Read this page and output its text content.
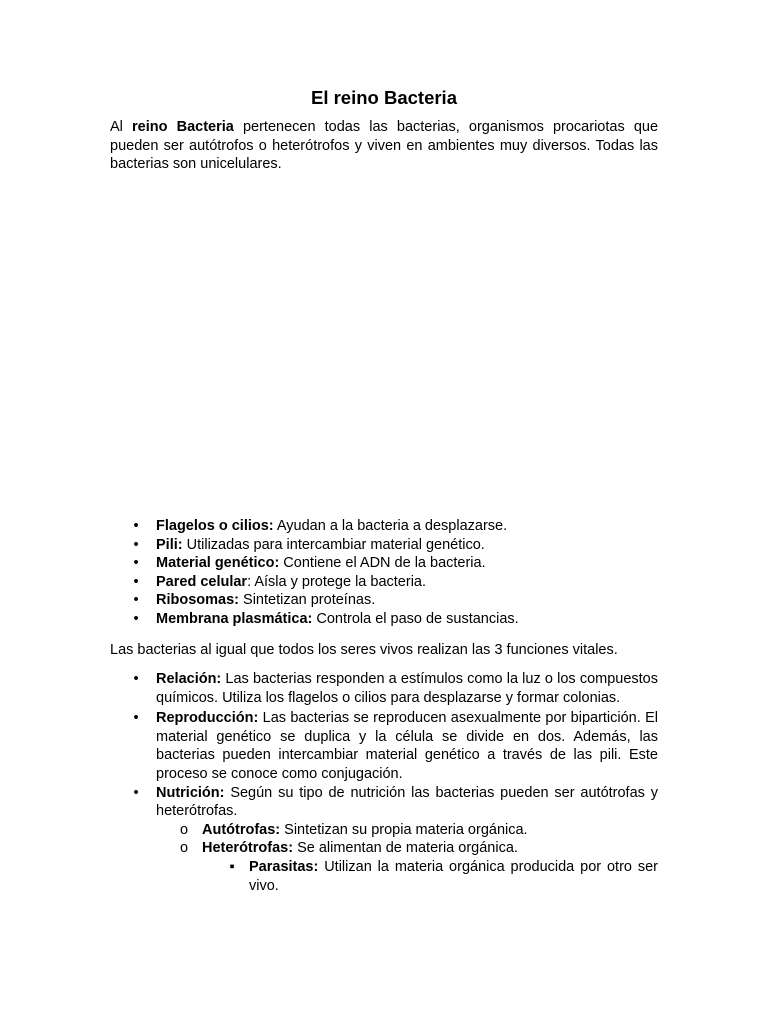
El reino Bacteria

Al reino Bacteria pertenecen todas las bacterias, organismos procariotas que pueden ser autótrofos o heterótrofos y viven en ambientes muy diversos. Todas las bacterias son unicelulares.

• Flagelos o cilios: Ayudan a la bacteria a desplazarse.
• Pili: Utilizadas para intercambiar material genético.
• Material genético: Contiene el ADN de la bacteria.
• Pared celular: Aísla y protege la bacteria.
• Ribosomas: Sintetizan proteínas.
• Membrana plasmática: Controla el paso de sustancias.

Las bacterias al igual que todos los seres vivos realizan las 3 funciones vitales.

• Relación: Las bacterias responden a estímulos como la luz o los compuestos químicos. Utiliza los flagelos o cilios para desplazarse y formar colonias.
• Reproducción: Las bacterias se reproducen asexualmente por bipartición. El material genético se duplica y la célula se divide en dos. Además, las bacterias pueden intercambiar material genético a través de las pili. Este proceso se conoce como conjugación.
• Nutrición: Según su tipo de nutrición las bacterias pueden ser autótrofas y heterótrofas.
o Autótrofas: Sintetizan su propia materia orgánica.
o Heterótrofas: Se alimentan de materia orgánica.
▪ Parasitas: Utilizan la materia orgánica producida por otro ser vivo.
